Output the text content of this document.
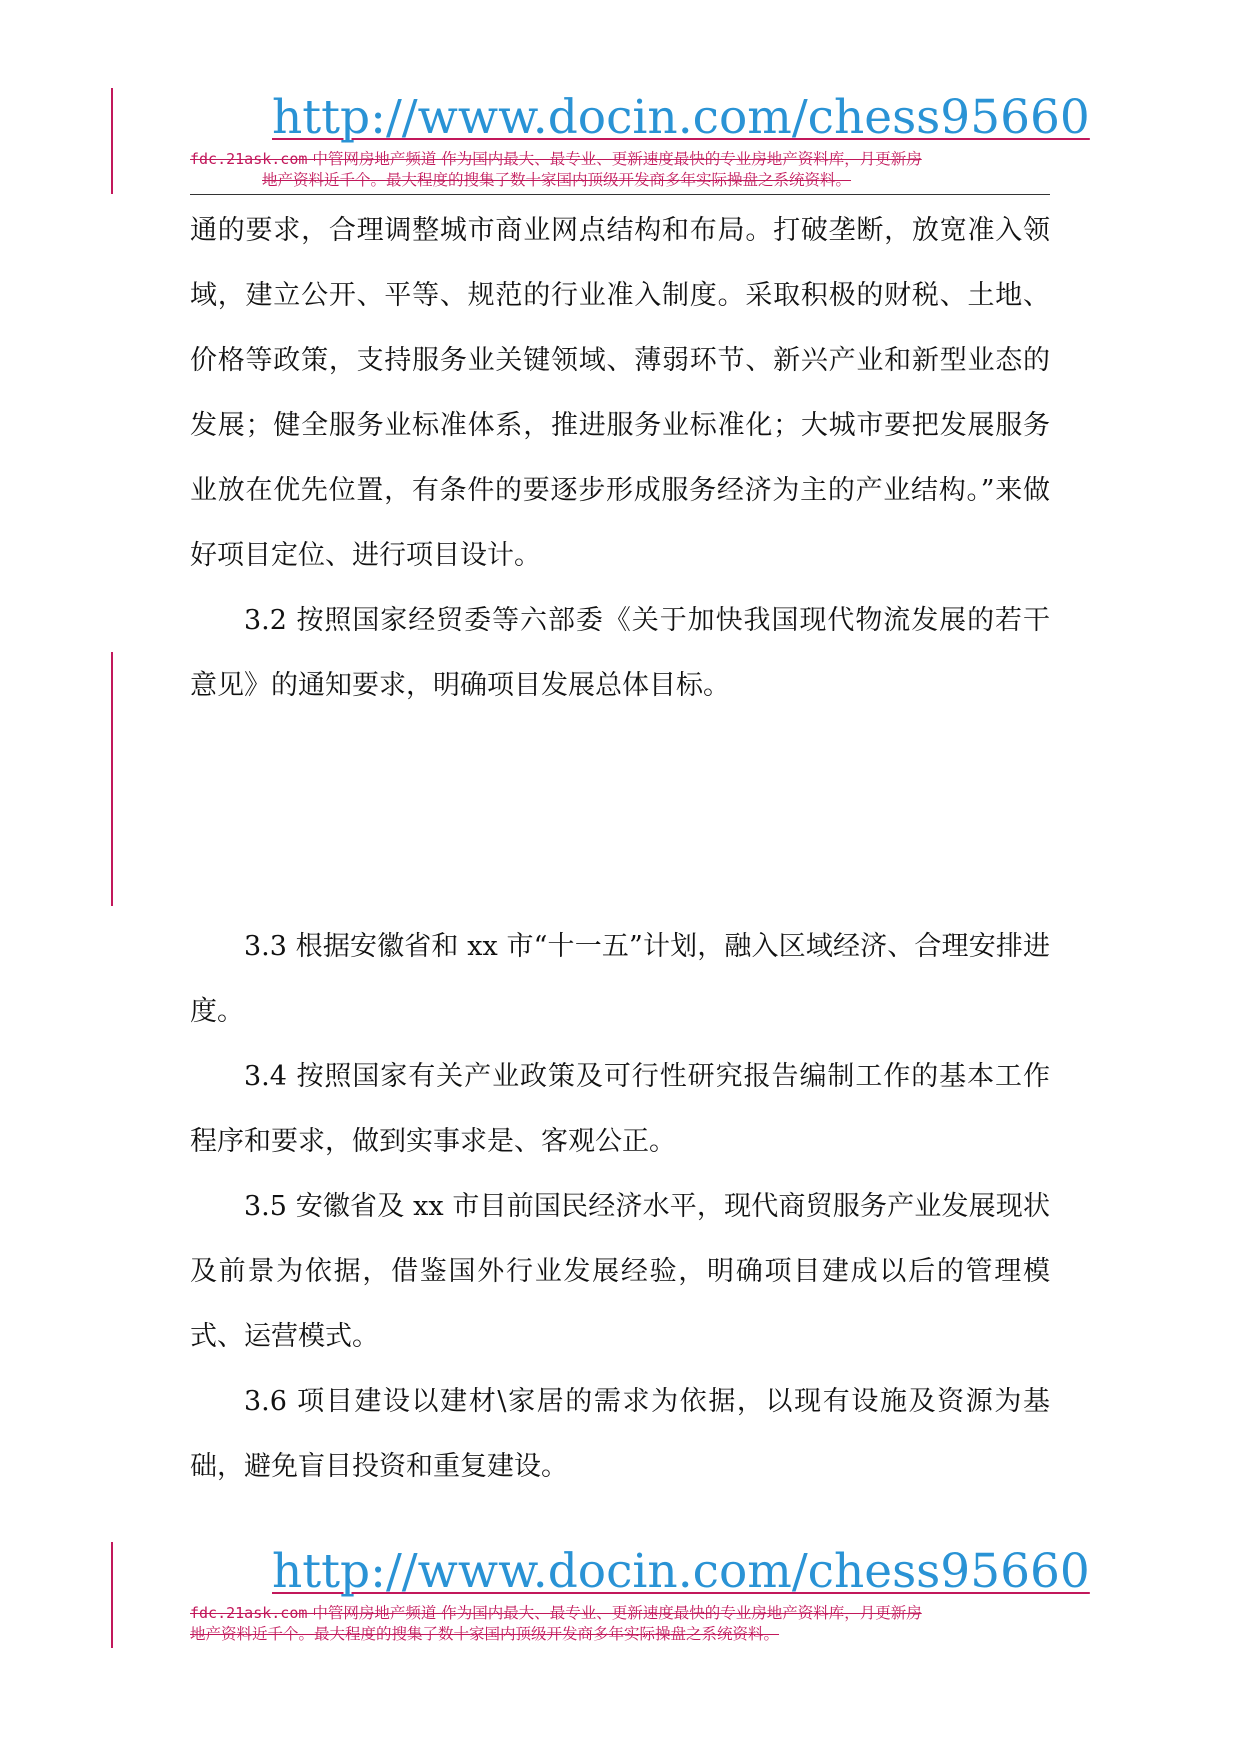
http://www.docin.com/chess95660
fdc.21ask.com 中管网房地产频道 作为国内最大、最专业、更新速度最快的专业房地产资料库，月更新房
地产资料近千个。最大程度的搜集了数十家国内顶级开发商多年实际操盘之系统资料。

通的要求，合理调整城市商业网点结构和布局。打破垄断，放宽准入领域，建立公开、平等、规范的行业准入制度。采取积极的财税、土地、价格等政策，支持服务业关键领域、薄弱环节、新兴产业和新型业态的发展；健全服务业标准体系，推进服务业标准化；大城市要把发展服务业放在优先位置，有条件的要逐步形成服务经济为主的产业结构。”来做好项目定位、进行项目设计。

3.2 按照国家经贸委等六部委《关于加快我国现代物流发展的若干意见》的通知要求，明确项目发展总体目标。

3.3 根据安徽省和 xx 市“十一五”计划，融入区域经济、合理安排进度。

3.4 按照国家有关产业政策及可行性研究报告编制工作的基本工作程序和要求，做到实事求是、客观公正。

3.5 安徽省及 xx 市目前国民经济水平，现代商贸服务产业发展现状及前景为依据，借鉴国外行业发展经验，明确项目建成以后的管理模式、运营模式。

3.6 项目建设以建材\家居的需求为依据，以现有设施及资源为基础，避免盲目投资和重复建设。

http://www.docin.com/chess95660
fdc.21ask.com 中管网房地产频道 作为国内最大、最专业、更新速度最快的专业房地产资料库，月更新房
地产资料近千个。最大程度的搜集了数十家国内顶级开发商多年实际操盘之系统资料。
